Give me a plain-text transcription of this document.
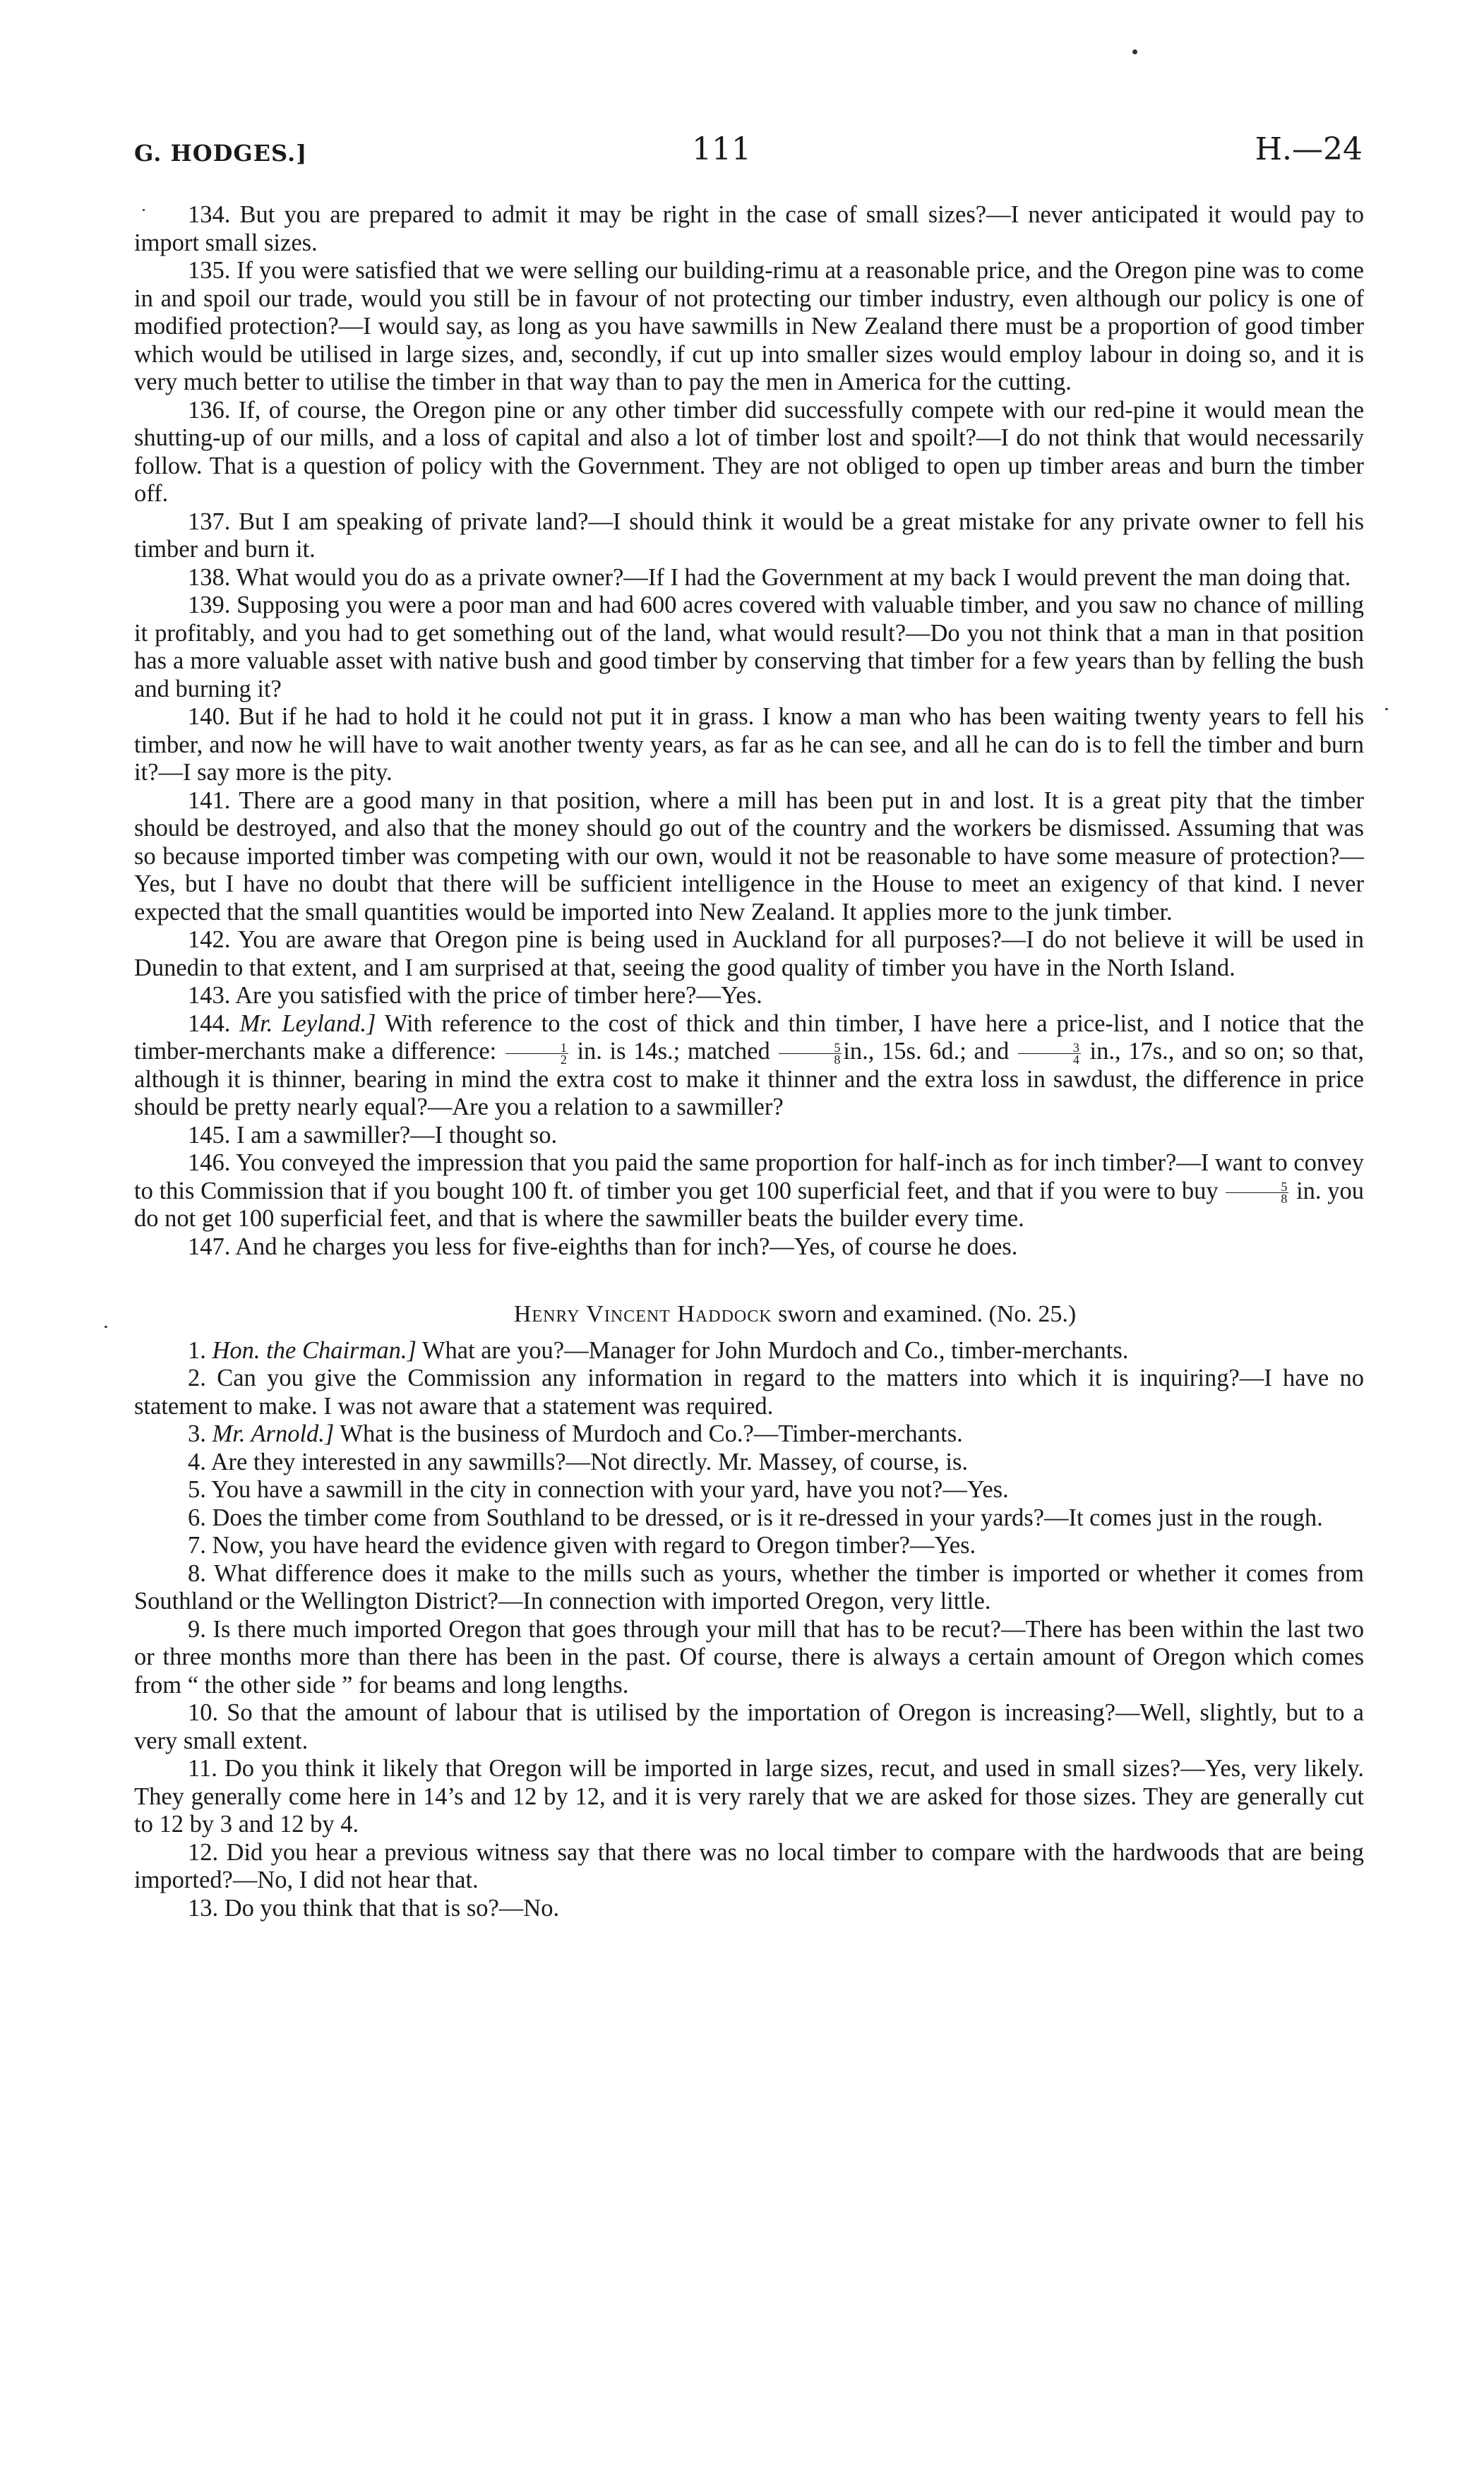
G. HODGES.]	111	H.—24

134. But you are prepared to admit it may be right in the case of small sizes?—I never anticipated it would pay to import small sizes.

135. If you were satisfied that we were selling our building-rimu at a reasonable price, and the Oregon pine was to come in and spoil our trade, would you still be in favour of not protecting our timber industry, even although our policy is one of modified protection?—I would say, as long as you have sawmills in New Zealand there must be a proportion of good timber which would be utilised in large sizes, and, secondly, if cut up into smaller sizes would employ labour in doing so, and it is very much better to utilise the timber in that way than to pay the men in America for the cutting.

136. If, of course, the Oregon pine or any other timber did successfully compete with our red-pine it would mean the shutting-up of our mills, and a loss of capital and also a lot of timber lost and spoilt?—I do not think that would necessarily follow. That is a question of policy with the Government. They are not obliged to open up timber areas and burn the timber off.

137. But I am speaking of private land?—I should think it would be a great mistake for any private owner to fell his timber and burn it.

138. What would you do as a private owner?—If I had the Government at my back I would prevent the man doing that.

139. Supposing you were a poor man and had 600 acres covered with valuable timber, and you saw no chance of milling it profitably, and you had to get something out of the land, what would result?—Do you not think that a man in that position has a more valuable asset with native bush and good timber by conserving that timber for a few years than by felling the bush and burning it?

140. But if he had to hold it he could not put it in grass. I know a man who has been waiting twenty years to fell his timber, and now he will have to wait another twenty years, as far as he can see, and all he can do is to fell the timber and burn it?—I say more is the pity.

141. There are a good many in that position, where a mill has been put in and lost. It is a great pity that the timber should be destroyed, and also that the money should go out of the country and the workers be dismissed. Assuming that was so because imported timber was competing with our own, would it not be reasonable to have some measure of protection?—Yes, but I have no doubt that there will be sufficient intelligence in the House to meet an exigency of that kind. I never expected that the small quantities would be imported into New Zealand. It applies more to the junk timber.

142. You are aware that Oregon pine is being used in Auckland for all purposes?—I do not believe it will be used in Dunedin to that extent, and I am surprised at that, seeing the good quality of timber you have in the North Island.

143. Are you satisfied with the price of timber here?—Yes.

144. Mr. Leyland.] With reference to the cost of thick and thin timber, I have here a price-list, and I notice that the timber-merchants make a difference: $\frac{1}{2}$ in. is 14s.; matched $\frac{5}{8}$ in., 15s. 6d.; and $\frac{3}{4}$ in., 17s., and so on; so that, although it is thinner, bearing in mind the extra cost to make it thinner and the extra loss in sawdust, the difference in price should be pretty nearly equal?—Are you a relation to a sawmiller?

145. I am a sawmiller?—I thought so.

146. You conveyed the impression that you paid the same proportion for half-inch as for inch timber?—I want to convey to this Commission that if you bought 100 ft. of timber you get 100 superficial feet, and that if you were to buy $\frac{5}{8}$ in. you do not get 100 superficial feet, and that is where the sawmiller beats the builder every time.

147. And he charges you less for five-eighths than for inch?—Yes, of course he does.

Henry Vincent Haddock sworn and examined. (No. 25.)

1. Hon. the Chairman.] What are you?—Manager for John Murdoch and Co., timber-merchants.

2. Can you give the Commission any information in regard to the matters into which it is inquiring?—I have no statement to make. I was not aware that a statement was required.

3. Mr. Arnold.] What is the business of Murdoch and Co.?—Timber-merchants.

4. Are they interested in any sawmills?—Not directly. Mr. Massey, of course, is.

5. You have a sawmill in the city in connection with your yard, have you not?—Yes.

6. Does the timber come from Southland to be dressed, or is it re-dressed in your yards?—It comes just in the rough.

7. Now, you have heard the evidence given with regard to Oregon timber?—Yes.

8. What difference does it make to the mills such as yours, whether the timber is imported or whether it comes from Southland or the Wellington District?—In connection with imported Oregon, very little.

9. Is there much imported Oregon that goes through your mill that has to be recut?—There has been within the last two or three months more than there has been in the past. Of course, there is always a certain amount of Oregon which comes from “ the other side ” for beams and long lengths.

10. So that the amount of labour that is utilised by the importation of Oregon is increasing?—Well, slightly, but to a very small extent.

11. Do you think it likely that Oregon will be imported in large sizes, recut, and used in small sizes?—Yes, very likely. They generally come here in 14’s and 12 by 12, and it is very rarely that we are asked for those sizes. They are generally cut to 12 by 3 and 12 by 4.

12. Did you hear a previous witness say that there was no local timber to compare with the hardwoods that are being imported?—No, I did not hear that.

13. Do you think that that is so?—No.
